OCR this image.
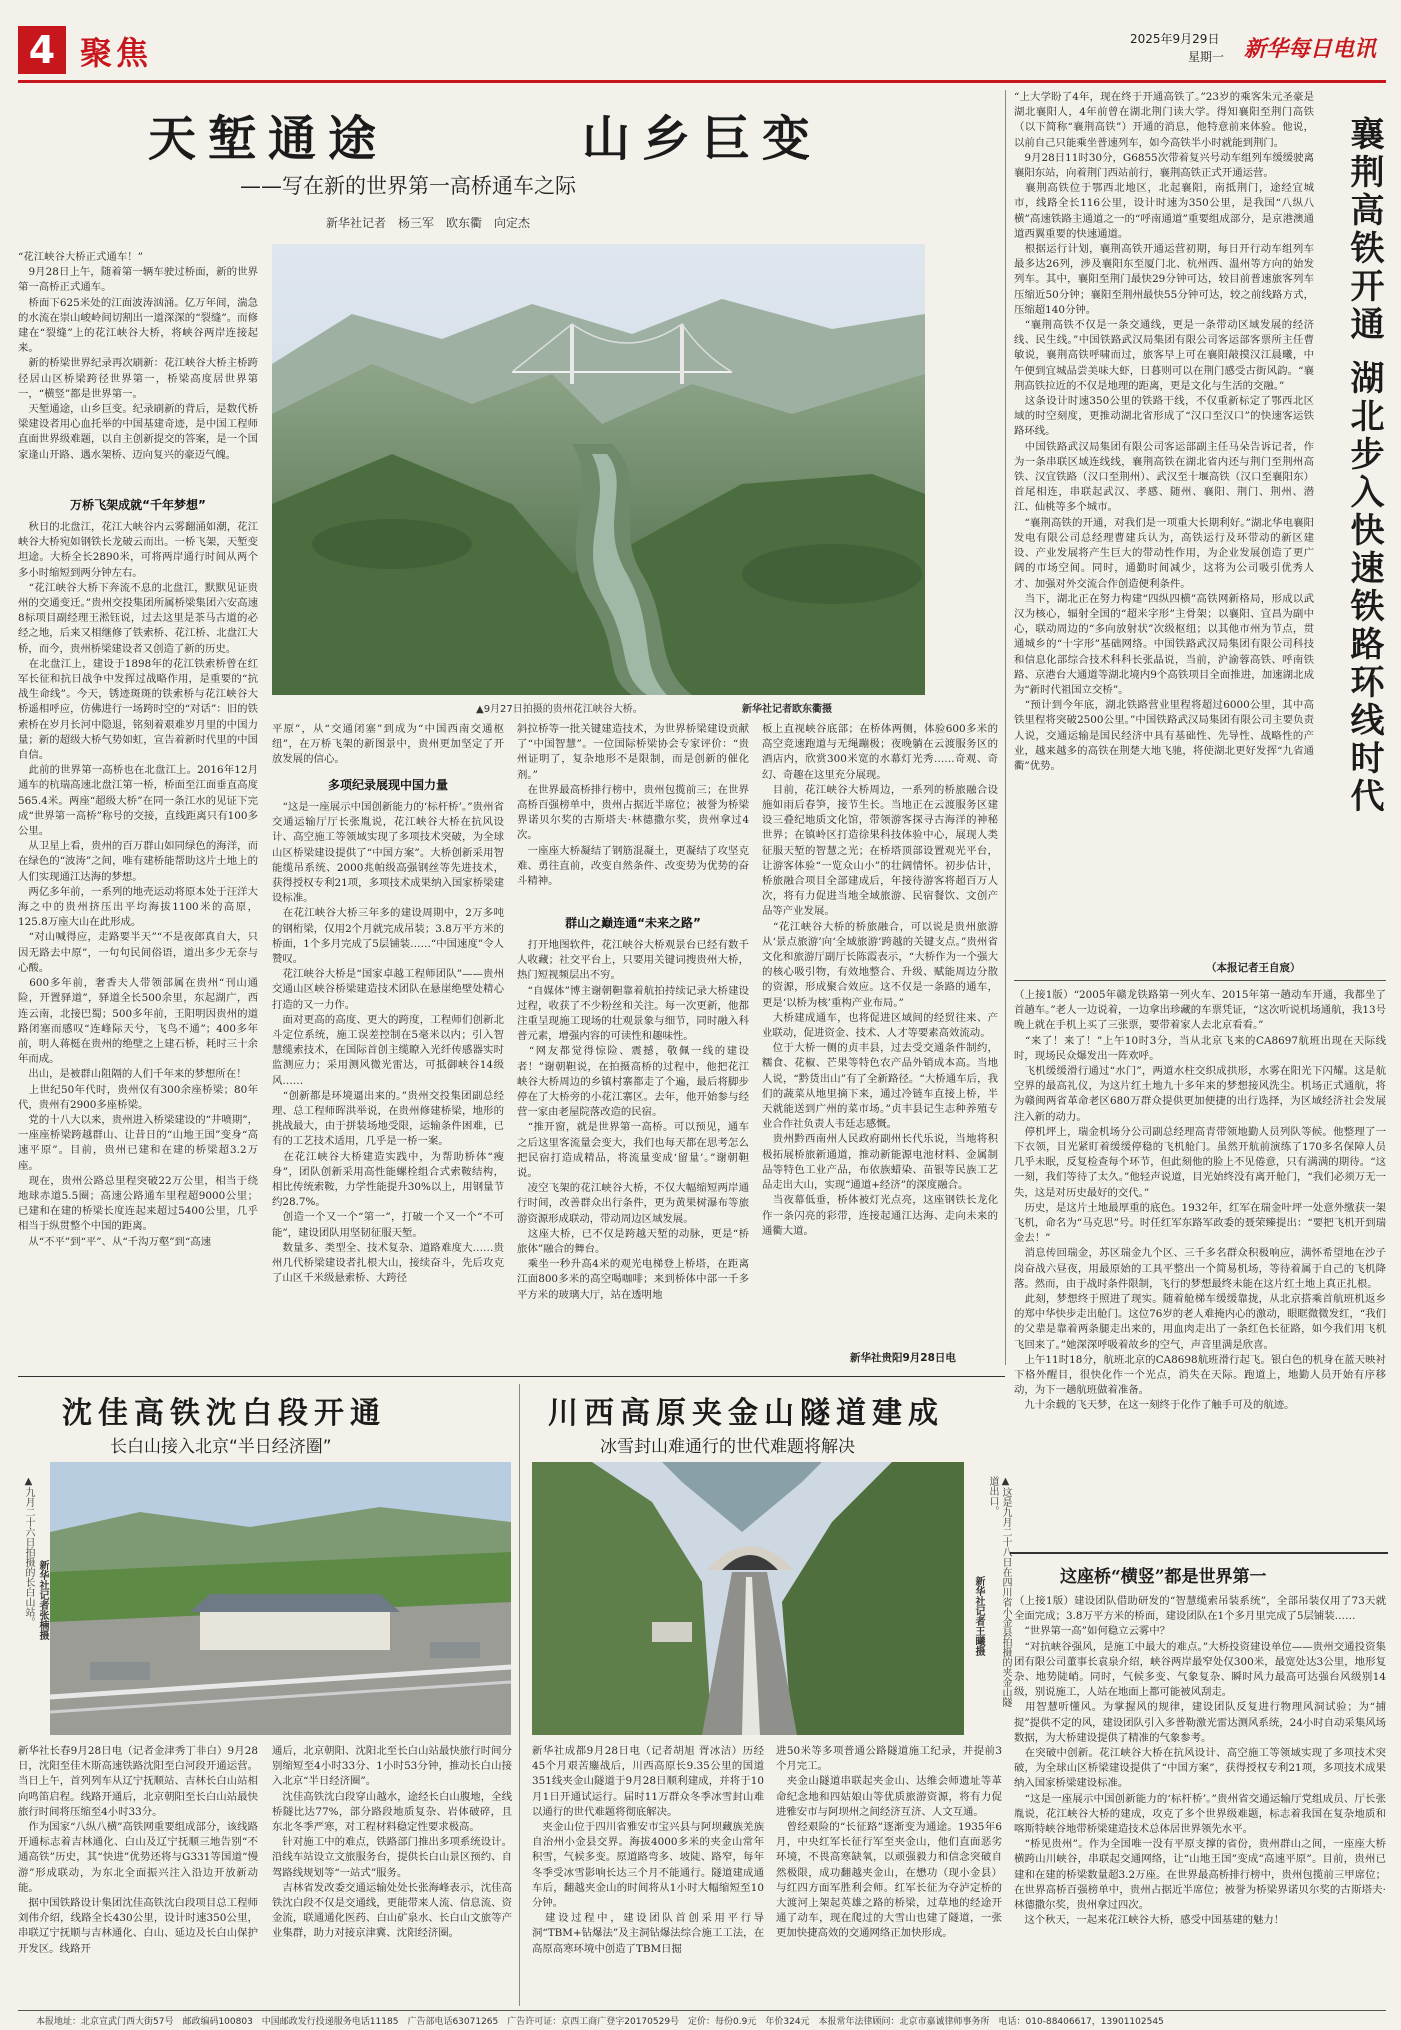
4 聚焦	2025年9月29日
星期一 新华每日电讯
天堑通途	山乡巨变
——写在新的世界第一高桥通车之际
新华社记者　杨三军　欧东衢　向定杰
▲9月27日拍摄的贵州花江峡谷大桥。	新华社记者欧东衢摄
“花江峡谷大桥正式通车！”
　9月28日上午，随着第一辆车驶过桥面，新的世界第一高桥正式通车。
　桥面下625米处的江面波涛汹涌。亿万年间，湍急的水流在崇山峻岭间切割出一道深深的“裂缝”。而修建在“裂缝”上的花江峡谷大桥，将峡谷两岸连接起来。
　新的桥梁世界纪录再次刷新：花江峡谷大桥主桥跨径居山区桥梁跨径世界第一，桥梁高度居世界第一，“横竖”都是世界第一。
　天堑通途，山乡巨变。纪录刷新的背后，是数代桥梁建设者用心血托举的中国基建奇迹，是中国工程师直面世界级难题，以自主创新提交的答案，是一个国家逢山开路、遇水架桥、迈向复兴的豪迈气魄。
万桥飞架成就“千年梦想”
　秋日的北盘江，花江大峡谷内云雾翻涌如潮，花江峡谷大桥宛如钢铁长龙破云而出。一桥飞架，天堑变坦途。大桥全长2890米，可将两岸通行时间从两个多小时缩短到两分钟左右。
　“花江峡谷大桥下奔流不息的北盘江，默默见证贵州的交通变迁。”贵州交投集团所属桥梁集团六安高速8标项目副经理王淞钰说，过去这里是茶马古道的必经之地，后来又相继修了铁索桥、花江桥、北盘江大桥，而今，贵州桥梁建设者又创造了新的历史。
　在北盘江上，建设于1898年的花江铁索桥曾在红军长征和抗日战争中发挥过战略作用，是重要的“抗战生命线”。今天，锈迹斑斑的铁索桥与花江峡谷大桥遥相呼应，仿佛进行一场跨时空的“对话”：旧的铁索桥在岁月长河中隐退，铭刻着艰难岁月里的中国力量；新的超级大桥气势如虹，宣告着新时代里的中国自信。
　此前的世界第一高桥也在北盘江上。2016年12月通车的杭瑞高速北盘江第一桥，桥面至江面垂直高度565.4米。两座“超级大桥”在同一条江水的见证下完成“世界第一高桥”称号的交接，直线距离只有100多公里。
　从卫星上看，贵州的百万群山如同绿色的海洋，而在绿色的“波涛”之间，唯有建桥能帮助这片土地上的人们实现通江达海的梦想。
　两亿多年前，一系列的地壳运动将原本处于汪洋大海之中的贵州挤压出平均海拔1100米的高原，125.8万座大山在此形成。
　“对山喊得应，走路要半天”“不是夜郎真自大，只因无路去中原”，一句句民间俗语，道出多少无奈与心酸。
　600多年前，奢香夫人带领部属在贵州“刊山通险，开置驿道”，驿道全长500余里，东起湖广，西连云南，北接巴蜀；500多年前，王阳明因贵州的道路闭塞而感叹“连峰际天兮，飞鸟不通”；400多年前，明人蒋梃在贵州的绝壁之上建石桥，耗时三十余年而成。
　出山，是被群山阻隔的人们千年来的梦想所在！
　上世纪50年代时，贵州仅有300余座桥梁；80年代，贵州有2900多座桥梁。
　党的十八大以来，贵州进入桥梁建设的“井喷期”，一座座桥梁跨越群山、让昔日的“山地王国”变身“高速平原”。目前，贵州已建和在建的桥梁超3.2万座。
　现在，贵州公路总里程突破22万公里，相当于绕地球赤道5.5圈；高速公路通车里程超9000公里；已建和在建的桥梁长度连起来超过5400公里，几乎相当于纵贯整个中国的距离。
　从“不平”到“平”、从“千沟万壑”到“高速
平原”，从“交通闭塞”到成为“中国西南交通枢纽”，在万桥飞架的新图景中，贵州更加坚定了开放发展的信心。
多项纪录展现中国力量
　“这是一座展示中国创新能力的‘标杆桥’。”贵州省交通运输厅厅长张胤说，花江峡谷大桥在抗风设计、高空施工等领域实现了多项技术突破，为全球山区桥梁建设提供了“中国方案”。大桥创新采用智能缆吊系统、2000兆帕级高强钢丝等先进技术，获得授权专利21项，多项技术成果纳入国家桥梁建设标准。
　在花江峡谷大桥三年多的建设周期中，2万多吨的钢桁梁，仅用2个月就完成吊装；3.8万平方米的桥面，1个多月完成了5层铺装……“中国速度”令人赞叹。
　花江峡谷大桥是“国家卓越工程师团队”——贵州交通山区峡谷桥梁建造技术团队在悬崖绝壁处精心打造的又一力作。
　面对更高的高度、更大的跨度，工程师们创新北斗定位系统，施工误差控制在5毫米以内；引入智慧缆索技术，在国际首创主缆瞭入光纤传感器实时监测应力；采用测风微光雷达，可抵御峡谷14级风……
　“创新都是环境逼出来的。”贵州交投集团副总经理、总工程师晖洪举说，在贵州修建桥梁，地形的挑战最大，由于拼装场地受限，运输条件困难，已有的工艺技术适用，几乎是一桥一案。
　在花江峡谷大桥建造实践中，为帮助桥体“瘦身”，团队创新采用高性能螺栓组合式索鞍结构，相比传统索鞍，力学性能提升30%以上，用钢量节约28.7%。
　创造一个又一个“第一”，打破一个又一个“不可能”，建设团队用坚韧征服天堑。
　数量多、类型全、技术复杂、道路难度大……贵州几代桥梁建设者扎根大山，接续奋斗，先后攻克了山区千米级悬索桥、大跨径
斜拉桥等一批关键建造技术，为世界桥梁建设贡献了“中国智慧”。一位国际桥梁协会专家评价：“贵州证明了，复杂地形不是限制，而是创新的催化剂。”
　在世界最高桥排行榜中，贵州包揽前三；在世界高桥百强榜单中，贵州占据近半席位；被誉为桥梁界诺贝尔奖的古斯塔夫·林德撒尔奖，贵州拿过4次。
　一座座大桥凝结了钢筋混凝土，更凝结了攻坚克难、勇往直前，改变自然条件、改变势为优势的奋斗精神。
群山之巅连通“未来之路”
　打开地图软件，花江峡谷大桥观景台已经有数千人收藏；社交平台上，只要用关键词搜贵州大桥，热门短视频层出不穷。
　“自媒体”博主谢朝靼靠着航拍持续记录大桥建设过程，收获了不少粉丝和关注。每一次更新，他都注重呈现施工现场的壮观景象与细节，同时融入科普元素，增强内容的可读性和趣味性。
　“网友都觉得惊险、震撼，敬佩一线的建设者！”谢朝靼说，在拍摄高桥的过程中，他把花江峡谷大桥周边的乡镇村寨都走了个遍，最后将脚步停在了大桥旁的小花江寨区。去年，他开始参与经营一家由老屋院落改造的民宿。
　“推开窗，就是世界第一高桥。可以预见，通车之后这里客流量会变大，我们也每天都在思考怎么把民宿打造成精品，将流量变成‘留量’。”谢朝靼说。
　凌空飞架的花江峡谷大桥，不仅大幅缩短两岸通行时间，改善群众出行条件，更为黄果树瀑布等旅游资源形成联动，带动周边区域发展。
　这座大桥，已不仅是跨越天堑的动脉，更是“桥旅体”融合的舞台。
　乘坐一秒升高4米的观光电梯登上桥塔，在距离江面800多米的高空喝咖啡；来到桥体中部一千多平方米的玻璃大厅，站在透明地
板上直视峡谷底部；在桥体两侧，体验600多米的高空竞速跑道与无绳蹦极；夜晚躺在云渡服务区的酒店内，欣赏300米宽的水幕灯光秀……奇观、奇幻、奇趣在这里充分展现。
　目前，花江峡谷大桥周边，一系列的桥旅融合设施如雨后春笋，接节生长。当地正在云渡服务区建设三叠纪地质文化馆，带领游客探寻古海洋的神秘世界；在镇岭区打造徐果科技体验中心，展现人类征服天堑的智慧之光；在桥塔顶部设置观光平台，让游客体验“一览众山小”的壮阔情怀。初步估计，桥旅融合项目全部建成后，年接待游客将超百万人次，将有力促进当地全域旅游、民宿餐饮、文创产品等产业发展。
　“花江峡谷大桥的桥旅融合，可以说是贵州旅游从‘景点旅游’向‘全域旅游’跨越的关键支点。”贵州省文化和旅游厅副厅长陈霞表示，“大桥作为一个强大的核心吸引物，有效地整合、升级、赋能周边分散的资源，形成聚合效应。这不仅是一条路的通车，更是‘以桥为核’重构产业布局。”
　大桥建成通车，也将促进区域间的经贸往来、产业联动，促进资金、技术、人才等要素高效流动。
　位于大桥一侧的贞丰县，过去受交通条件制约，糯食、花椒、芒果等特色农产品外销成本高。当地人说，“黔货出山”有了全新路径。“大桥通车后，我们的蔬菜从地里摘下来，通过冷链车直接上桥，半天就能送到广州的菜市场。”贞丰县记生志种养殖专业合作社负责人韦廷志感慨。
　贵州黔西南州人民政府副州长代乐说，当地将积极拓展桥旅新通道，推动新能源电池材料、金属制品等特色工业产品，布依族蜡染、苗银等民族工艺品走出大山，实现“通道+经济”的深度融合。
　当夜幕低垂，桥体被灯光点亮，这座钢铁长龙化作一条闪亮的彩带，连接起通江达海、走向未来的通衢大道。
新华社贵阳9月28日电
“上大学盼了4年，现在终于开通高铁了。”23岁的乘客朱元圣豪是湖北襄阳人，4年前曾在湖北荆门读大学。得知襄阳至荆门高铁（以下简称“襄荆高铁”）开通的消息，他特意前来体验。他说，以前自己只能乘坐普速列车，如今高铁半小时就能到荆门。
　9月28日11时30分，G6855次带着复兴号动车组列车缓缓驶离襄阳东站，向着荆门西站前行，襄荆高铁正式开通运营。
　襄荆高铁位于鄂西北地区，北起襄阳，南抵荆门，途经宜城市，线路全长116公里，设计时速为350公里，是我国“八纵八横”高速铁路主通道之一的“呼南通道”重要组成部分，是京港澳通道西翼重要的快速通道。
　根据运行计划，襄荆高铁开通运营初期，每日开行动车组列车最多达26列，涉及襄阳东至厦门北、杭州西、温州等方向的始发列车。其中，襄阳至荆门最快29分钟可达，较目前普速旅客列车压缩近50分钟；襄阳至荆州最快55分钟可达，较之前线路方式，压缩超140分钟。
　“襄荆高铁不仅是一条交通线，更是一条带动区域发展的经济线、民生线。”中国铁路武汉局集团有限公司客运部客票所主任曹敏说，襄荆高铁呼啸而过，旅客早上可在襄阳敲摸汉江晨曦，中午便到宜城品尝美味大虾，日暮则可以在荆门感受古街风韵。“襄荆高铁拉近的不仅是地理的距离，更是文化与生活的交融。”
　这条设计时速350公里的铁路干线，不仅重新标定了鄂西北区域的时空刻度，更推动湖北省形成了“汉口至汉口”的快速客运铁路环线。
　中国铁路武汉局集团有限公司客运部副主任马朵告诉记者，作为一条串联区域连线线，襄荆高铁在湖北省内还与荆门至荆州高铁、汉宜铁路（汉口至荆州）、武汉至十堰高铁（汉口至襄阳东）首尾相连，串联起武汉、孝感、随州、襄阳、荆门、荆州、潜江、仙桃等多个城市。
　“襄荆高铁的开通，对我们是一项重大长期利好。”湖北华电襄阳发电有限公司总经理曹建兵认为，高铁运行及环带动的新区建设、产业发展将产生巨大的带动性作用，为企业发展创造了更广阔的市场空间。同时，通勤时间减少，这将为公司吸引优秀人才、加强对外交流合作创造便利条件。
　当下，湖北正在努力构建“四纵四横”高铁网新格局，形成以武汉为核心，辐射全国的“超米字形”主骨架；以襄阳、宜昌为副中心，联动周边的“多向放射状”次级枢纽；以其他市州为节点，贯通城乡的“十字形”基础网络。中国铁路武汉局集团有限公司科技和信息化部综合技术科科长张晶说，当前，沪渝蓉高铁、呼南铁路、京港台大通道等湖北境内9个高铁项目全面推进，加速湖北成为“新时代祖国立交桥”。
　“预计到今年底，湖北铁路营业里程将超过6000公里，其中高铁里程将突破2500公里。”中国铁路武汉局集团有限公司主要负责人说，交通运输是国民经济中具有基础性、先导性、战略性的产业，越来越多的高铁在荆楚大地飞驰，将使湖北更好发挥“九省通衢”优势。
（本报记者王自宸）
襄荆高铁开通 湖北步入快速铁路环线时代
（上接1版）“2005年赣龙铁路第一列火车、2015年第一趟动车开通，我都坐了首趟车。”老人一边说着，一边拿出珍藏的车票凭证，“这次听说机场通航，我13号晚上就在手机上买了三张票，要带着家人去北京看看。”
　“来了！来了！”上午10时3分，当从北京飞来的CA8697航班出现在天际线时，现场民众爆发出一阵欢呼。
　飞机缓缓滑行通过“水门”，两道水柱交织成拱形，水雾在阳光下闪耀。这是航空界的最高礼仪，为这片红土地九十多年来的梦想接风洗尘。机场正式通航，将为赣闽两省革命老区680万群众提供更加便捷的出行选择，为区域经济社会发展注入新的动力。
　停机坪上，瑞金机场分公司副总经理高青带领地勤人员列队等候。他整理了一下衣领，目光紧盯着缓缓停稳的飞机舱门。虽然开航前演练了170多名保障人员几乎未眠，反复检查每个环节，但此刻他的脸上不见倦意，只有满满的期待。“这一刻，我们等待了太久。”他轻声说道，目光始终没有离开舱门，“我们必须万无一失，这是对历史最好的交代。”
　历史，是这片土地最厚重的底色。1932年，红军在瑞金叶坪一处意外缴获一架飞机，命名为“马克思”号。时任红军东路军政委的聂荣臻提出：“要把飞机开到瑞金去！”
　消息传回瑞金，苏区瑞金九个区、三千多名群众积极响应，满怀希望地在沙子岗奋战六昼夜，用最原始的工具平整出一个简易机场，等待着属于自己的飞机降落。然而，由于战时条件限制，飞行的梦想最终未能在这片红土地上真正扎根。
　此刻，梦想终于照进了现实。随着舱梯车缓缓靠拢，从北京搭乘首航班机返乡的郑中华快步走出舱门。这位76岁的老人难掩内心的激动，眼眶微微发红，“我们的父辈是靠着两条腿走出来的，用血肉走出了一条红色长征路，如今我们用飞机飞回来了。”她深深呼吸着故乡的空气，声音里满是欣喜。
　上午11时18分，航班北京的CA8698航班滑行起飞。银白色的机身在蓝天映衬下格外醒目，很快化作一个光点，消失在天际。跑道上，地勤人员开始有序移动，为下一趟航班做着准备。
　九十余载的飞天梦，在这一刻终于化作了触手可及的航迹。
这座桥“横竖”都是世界第一
（上接1版）建设团队借助研发的“智慧缆索吊装系统”，全部吊装仅用了73天就全面完成；3.8万平方米的桥面，建设团队在1个多月里完成了5层铺装……
　“世界第一高”如何稳立云雾中？
　“对抗峡谷强风，是施工中最大的难点。”大桥投资建设单位——贵州交通投资集团有限公司董事长袁泉介绍，峡谷两岸最窄处仅300米，最宽处达3公里，地形复杂、地势陡峭。同时，气候多变、气象复杂、瞬时风力最高可达强台风级别14级，别说施工，人站在地面上都可能被风刮走。
　用智慧听懂风。为掌握风的规律，建设团队反复进行物理风洞试验；为“捕捉”提供不定的风，建设团队引入多普勒激光雷达测风系统，24小时自动采集风场数据，为大桥建设提供了精准的气象参考。
　在突破中创新。花江峡谷大桥在抗风设计、高空施工等领域实现了多项技术突破，为全球山区桥梁建设提供了“中国方案”，获得授权专利21项，多项技术成果纳入国家桥梁建设标准。
　“这是一座展示中国创新能力的‘标杆桥’。”贵州省交通运输厅党组成员、厅长张胤说，花江峡谷大桥的建成，攻克了多个世界级难题，标志着我国在复杂地质和喀斯特峡谷地带桥梁建造技术总体居世界领先水平。
　“桥见贵州”。作为全国唯一没有平原支撑的省份，贵州群山之间，一座座大桥横跨山川峡谷，串联起交通网络，让“山地王国”变成“高速平原”。目前，贵州已建和在建的桥梁数量超3.2万座。在世界最高桥排行榜中，贵州包揽前三甲席位；在世界高桥百强榜单中，贵州占据近半席位；被誉为桥梁界诺贝尔奖的古斯塔夫·林德撒尔奖，贵州拿过四次。
　这个秋天，一起来花江峡谷大桥，感受中国基建的魅力！
沈佳高铁沈白段开通
长白山接入北京“半日经济圈”
▲九月二十六日拍摄的长白山站。 新华社记者张楠摄
新华社长春9月28日电（记者金津秀丁非白）9月28日，沈阳至佳木斯高速铁路沈阳至白河段开通运营。当日上午，首列列车从辽宁抚顺站、吉林长白山站相向鸣笛启程。线路开通后，北京朝阳至长白山站最快旅行时间将压缩至4小时33分。
　作为国家“八纵八横”高铁网重要组成部分，该线路开通标志着吉林通化、白山及辽宁抚顺三地告别“不通高铁”历史，其“快进”优势还将与G331等国道“慢游”形成联动，为东北全面振兴注入沿边开放新动能。
　据中国铁路设计集团沈佳高铁沈白段项目总工程师刘伟介绍，线路全长430公里，设计时速350公里，串联辽宁抚顺与吉林通化、白山、延边及长白山保护开发区。线路开
通后，北京朝阳、沈阳北至长白山站最快旅行时间分别缩短至4小时33分、1小时53分钟，推动长白山接入北京“半日经济圈”。
　沈佳高铁沈白段穿山越水，途经长白山腹地，全线桥隧比达77%，部分路段地质复杂、岩体破碎，且东北冬季严寒，对工程材料稳定性要求极高。
　针对施工中的难点，铁路部门推出多项系统设计。沿线车站设立文旅服务台，提供长白山景区预约、自驾路线规划等“一站式”服务。
　吉林省发改委交通运输处处长张海峰表示，沈佳高铁沈白段不仅是交通线，更能带来人流、信息流、资金流，联通通化医药、白山矿泉水、长白山文旅等产业集群，助力对接京津冀、沈阳经济圈。
川西高原夹金山隧道建成
冰雪封山难通行的世代难题将解决
▲这是九月二十八日在四川省小金县拍摄的夹金山隧道出口。
新华社记者王曦摄
新华社成都9月28日电（记者胡旭 胥冰洁）历经45个月艰苦鏖战后，川西高原长9.35公里的国道351线夹金山隧道于9月28日顺利建成，并将于10月1日开通试运行。届时11万群众冬季冰雪封山难以通行的世代难题将彻底解决。
　夹金山位于四川省雅安市宝兴县与阿坝藏族羌族自治州小金县交界。海拔4000多米的夹金山常年积雪，气候多变。原道路弯多、坡陡、路窄，每年冬季受冰雪影响长达三个月不能通行。隧道建成通车后，翻越夹金山的时间将从1小时大幅缩短至10分钟。
　建设过程中，建设团队首创采用平行导洞“TBM+钻爆法”及主洞钻爆法综合施工工法，在高原高寒环境中创造了TBM日掘
进50米等多项普通公路隧道施工纪录，并提前3个月完工。
　夹金山隧道串联起夹金山、达维会师遗址等革命纪念地和四姑娘山等优质旅游资源，将有力促进雅安市与阿坝州之间经济互济、人文互通。
　曾经艰险的“长征路”逐渐变为通途。1935年6月，中央红军长征行军至夹金山，他们直面恶劣环境，不畏高寒缺氧，以顽强毅力和信念突破自然极限，成功翻越夹金山，在懋功（现小金县）与红四方面军胜利会师。红军长征为夺泸定桥的大渡河上架起英雄之路的桥梁，过草地的经途开通了动车，现在爬过的大雪山也建了隧道，一张更加快捷高效的交通网络正加快形成。
本报地址：北京宣武门西大街57号　邮政编码100803　中国邮政发行投递服务电话11185　广告部电话63071265　广告许可证：京西工商广登字20170529号　定价：每份0.9元　年价324元　本报常年法律顾问：北京市嘉诚律师事务所　电话：010-88406617，13901102545
